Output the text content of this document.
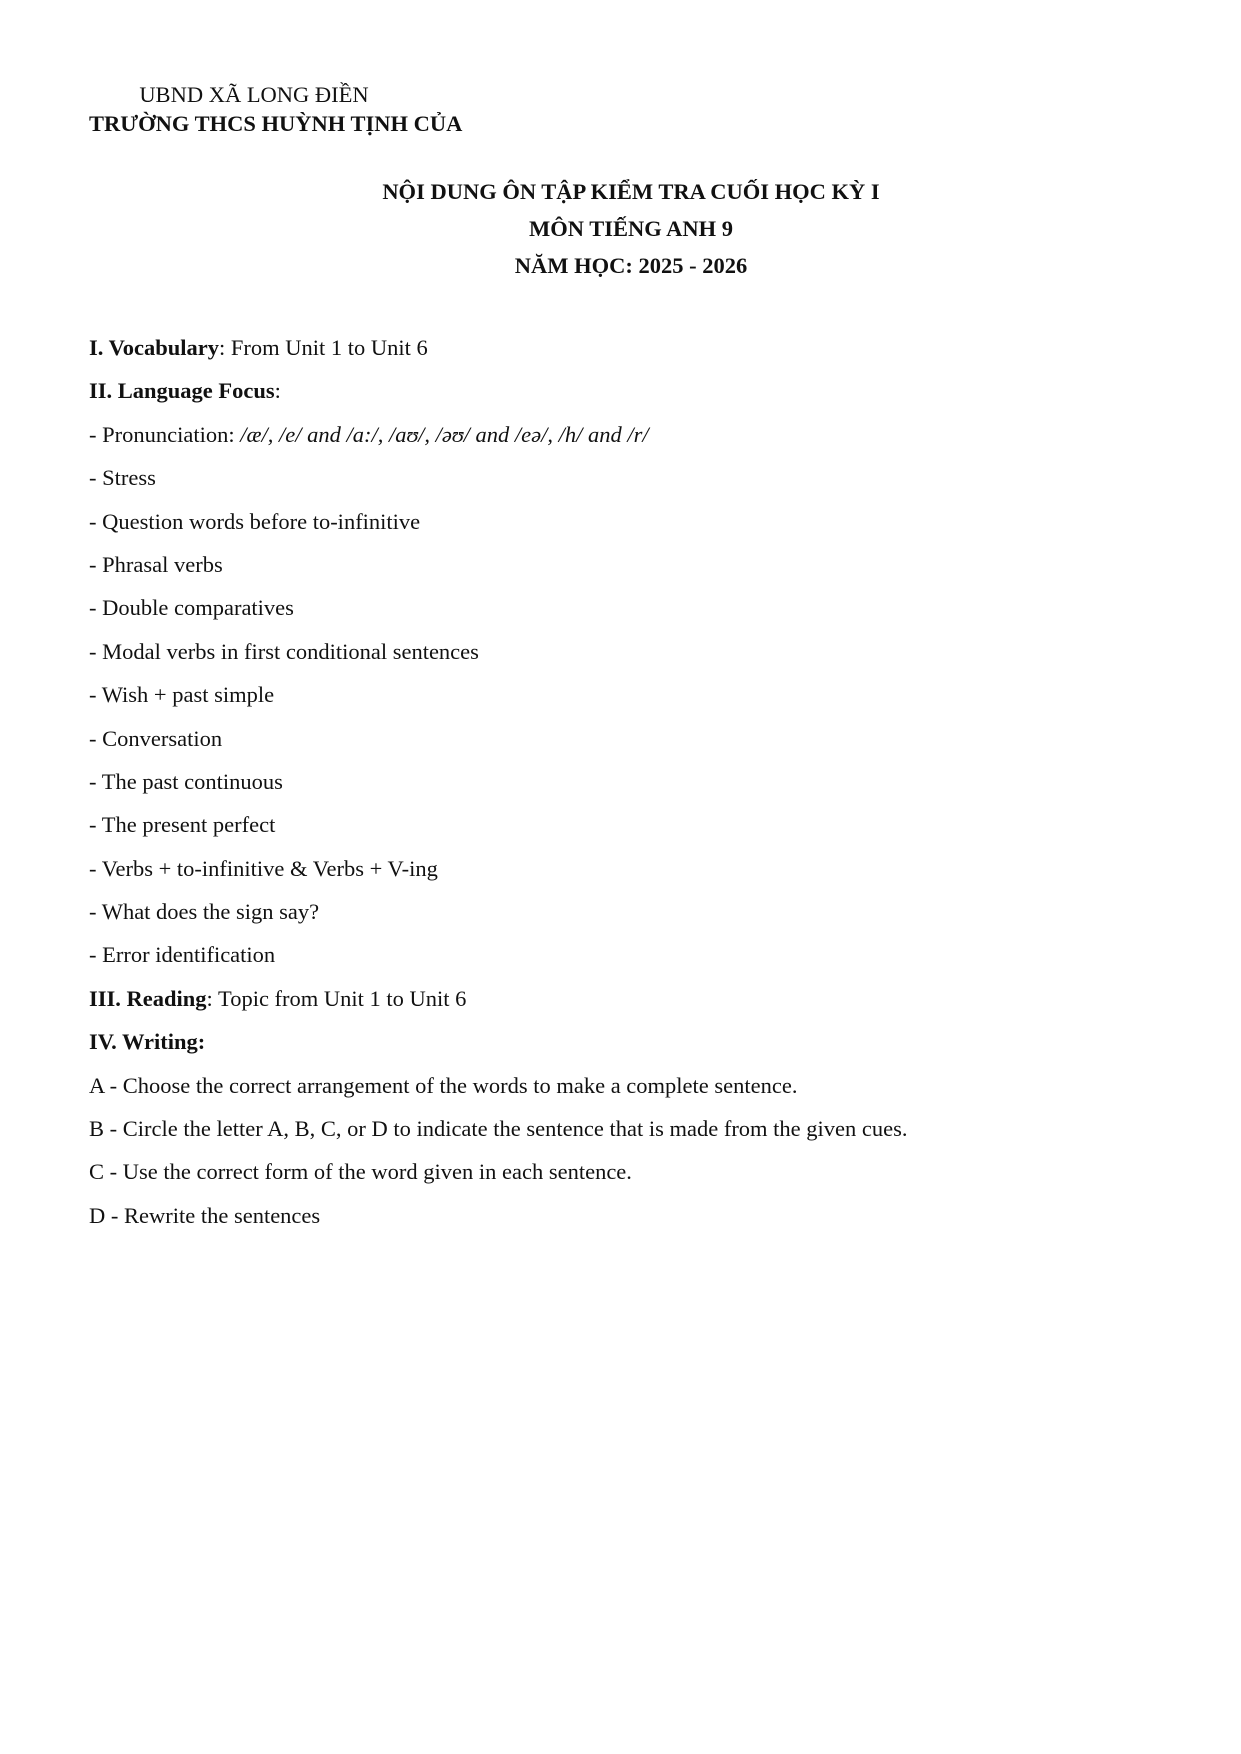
UBND XÃ LONG ĐIỀN
TRƯỜNG THCS HUỲNH TỊNH CỦA
NỘI DUNG ÔN TẬP KIỂM TRA CUỐI HỌC KỲ I
MÔN TIẾNG ANH 9
NĂM HỌC: 2025 - 2026
I. Vocabulary: From Unit 1 to Unit 6
II. Language Focus:
- Pronunciation: /æ/, /e/ and /a:/, /aʊ/, /əʊ/ and /eə/, /h/ and /r/
- Stress
- Question words before to-infinitive
- Phrasal verbs
- Double comparatives
- Modal verbs in first conditional sentences
- Wish + past simple
- Conversation
- The past continuous
- The present perfect
- Verbs + to-infinitive & Verbs + V-ing
- What does the sign say?
- Error identification
III. Reading: Topic from Unit 1 to Unit 6
IV. Writing:
A - Choose the correct arrangement of the words to make a complete sentence.
B - Circle the letter A, B, C, or D to indicate the sentence that is made from the given cues.
C - Use the correct form of the word given in each sentence.
D - Rewrite the sentences
